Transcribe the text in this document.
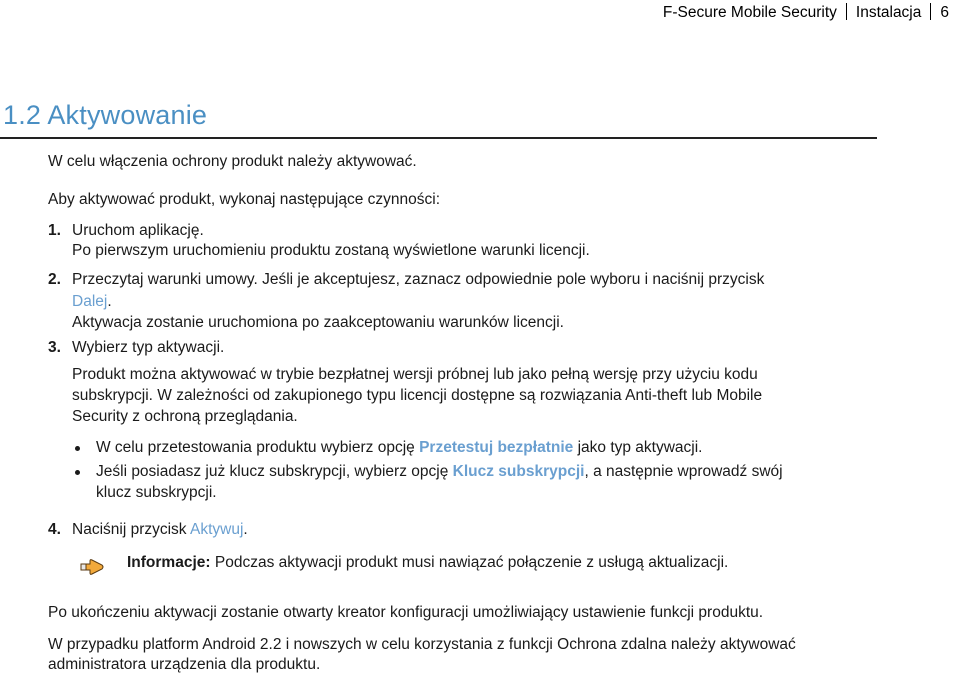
F-Secure Mobile Security Instalacja 6
1.2 Aktywowanie
W celu włączenia ochrony produkt należy aktywować.
Aby aktywować produkt, wykonaj następujące czynności:
1. Uruchom aplikację.
Po pierwszym uruchomieniu produktu zostaną wyświetlone warunki licencji.
2. Przeczytaj warunki umowy. Jeśli je akceptujesz, zaznacz odpowiednie pole wyboru i naciśnij przycisk
Dalej.
Aktywacja zostanie uruchomiona po zaakceptowaniu warunków licencji.
3. Wybierz typ aktywacji.
Produkt można aktywować w trybie bezpłatnej wersji próbnej lub jako pełną wersję przy użyciu kodu
subskrypcji. W zależności od zakupionego typu licencji dostępne są rozwiązania Anti-theft lub Mobile
Security z ochroną przeglądania.
W celu przetestowania produktu wybierz opcję Przetestuj bezpłatnie jako typ aktywacji.
Jeśli posiadasz już klucz subskrypcji, wybierz opcję Klucz subskrypcji, a następnie wprowadź swój
klucz subskrypcji.
4. Naciśnij przycisk Aktywuj.
Informacje: Podczas aktywacji produkt musi nawiązać połączenie z usługą aktualizacji.
Po ukończeniu aktywacji zostanie otwarty kreator konfiguracji umożliwiający ustawienie funkcji produktu.
W przypadku platform Android 2.2 i nowszych w celu korzystania z funkcji Ochrona zdalna należy aktywować
administratora urządzenia dla produktu.
